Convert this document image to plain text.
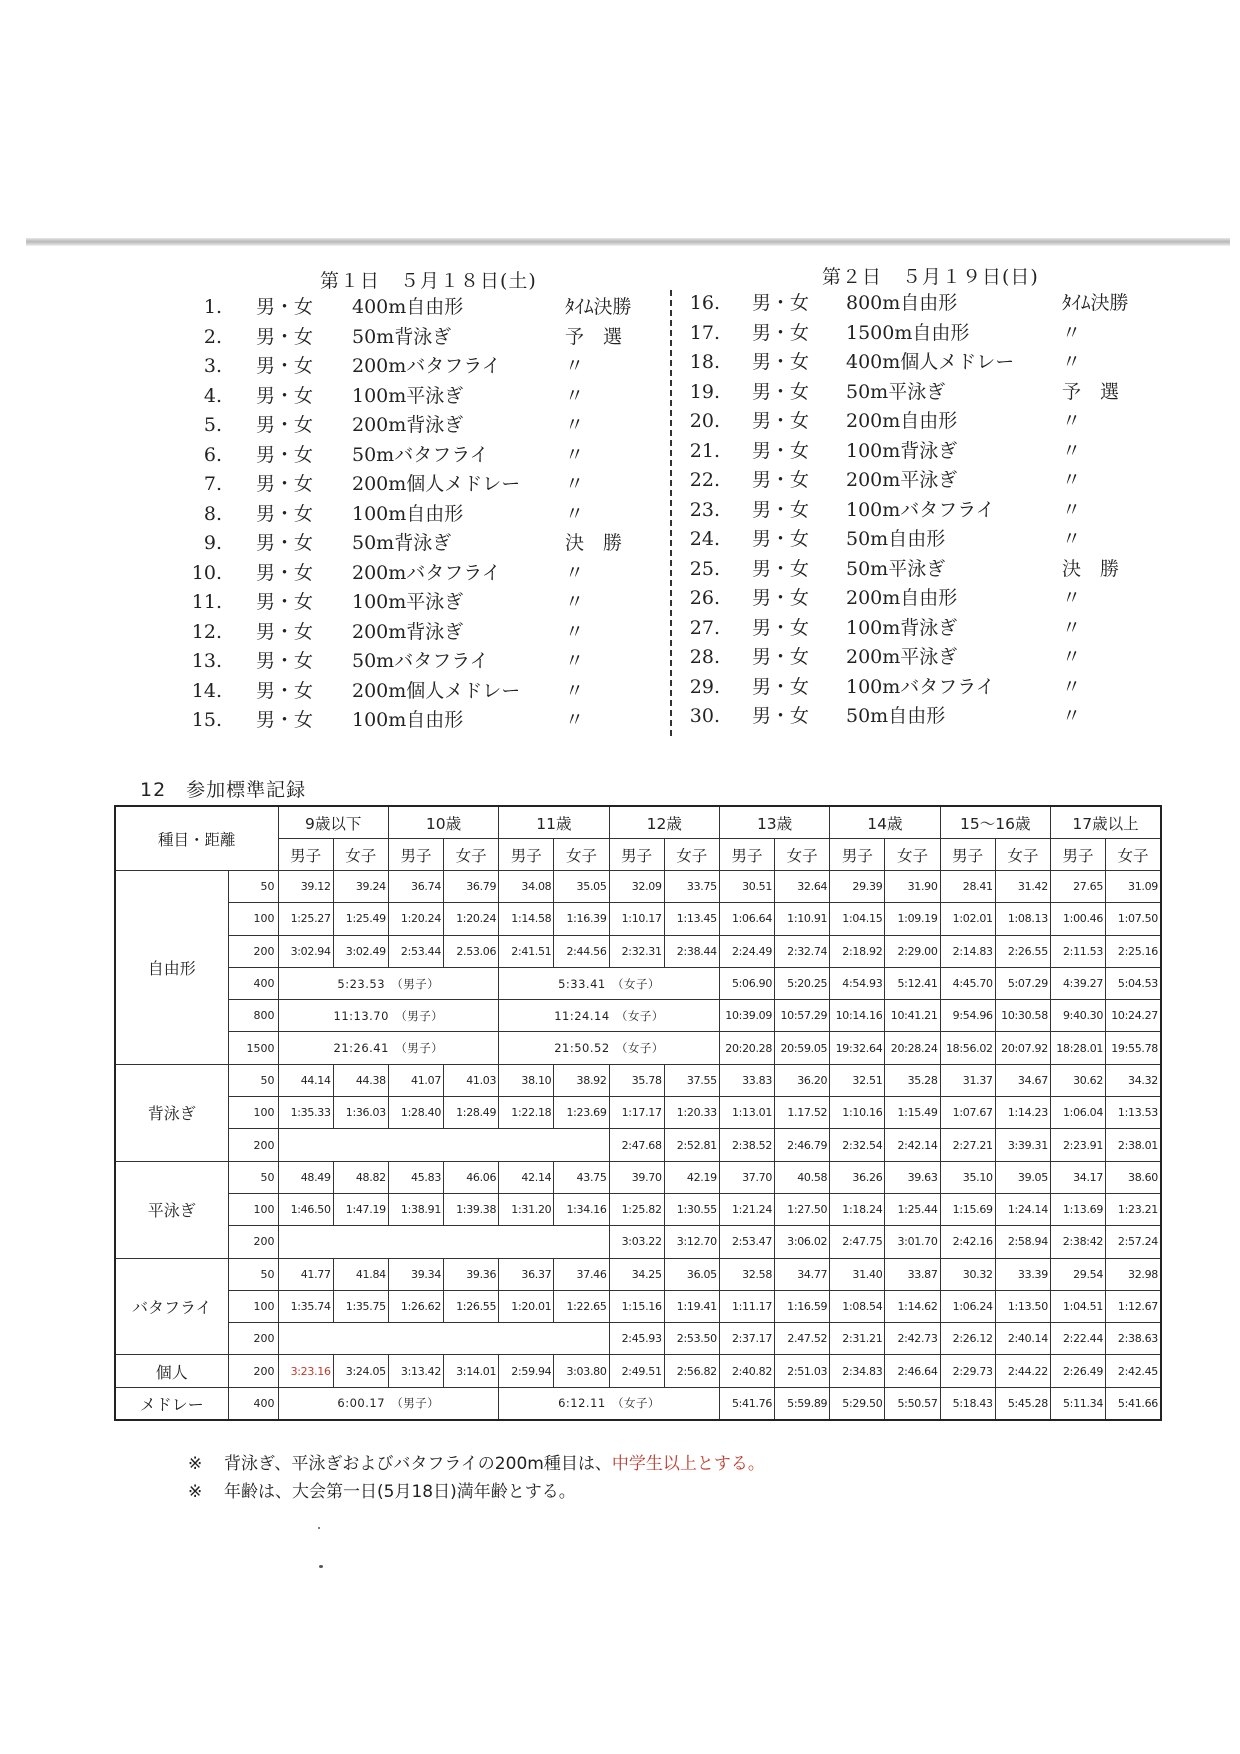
第１日　５月１８日(土)	第２日　５月１９日(日)
1. 男・女 400m自由形	ﾀｲﾑ決勝
2. 男・女 50m背泳ぎ	予　選
3. 男・女 200mバタフライ	〃
4. 男・女 100m平泳ぎ	〃
5. 男・女 200m背泳ぎ	〃
6. 男・女 50mバタフライ	〃
7. 男・女 200m個人メドレー 〃
8. 男・女 100m自由形	〃
9. 男・女 50m背泳ぎ	決　勝
10. 男・女 200mバタフライ	〃
11. 男・女 100m平泳ぎ	〃
12. 男・女 200m背泳ぎ	〃
13. 男・女 50mバタフライ	〃
14. 男・女 200m個人メドレー 〃
15. 男・女 100m自由形	〃
16. 男・女 800m自由形	ﾀｲﾑ決勝
17. 男・女 1500m自由形	〃
18. 男・女 400m個人メドレー	〃
19. 男・女 50m平泳ぎ	予　選
20. 男・女 200m自由形	〃
21. 男・女 100m背泳ぎ	〃
22. 男・女 200m平泳ぎ	〃
23. 男・女 100mバタフライ	〃
24. 男・女 50m自由形	〃
25. 男・女 50m平泳ぎ	決　勝
26. 男・女 200m自由形	〃
27. 男・女 100m背泳ぎ	〃
28. 男・女 200m平泳ぎ	〃
29. 男・女 100mバタフライ	〃
30. 男・女 50m自由形	〃
12　参加標準記録
種目・距離		9歳以下		10歳		11歳		12歳		13歳		14歳		15～16歳		17歳以上	
		男子	女子	男子	女子	男子	女子	男子	女子	男子	女子	男子	女子	男子	女子	男子	女子
自由形	50	39.12	39.24	36.74	36.79	34.08	35.05	32.09	33.75	30.51	32.64	29.39	31.90	28.41	31.42	27.65	31.09
	100	1:25.27	1:25.49	1:20.24	1:20.24	1:14.58	1:16.39	1:10.17	1:13.45	1:06.64	1:10.91	1:04.15	1:09.19	1:02.01	1:08.13	1:00.46	1:07.50
	200	3:02.94	3:02.49	2:53.44	2.53.06	2:41.51	2:44.56	2:32.31	2:38.44	2:24.49	2:32.74	2:18.92	2:29.00	2:14.83	2:26.55	2:11.53	2:25.16
	400	5:23.53　（男子）				5:33.41　（女子）				5:06.90	5:20.25	4:54.93	5:12.41	4:45.70	5:07.29	4:39.27	5:04.53
	800	11:13.70　（男子）				11:24.14　（女子）				10:39.09	10:57.29	10:14.16	10:41.21	9:54.96	10:30.58	9:40.30	10:24.27
	1500	21:26.41　（男子）				21:50.52　（女子）				20:20.28	20:59.05	19:32.64	20:28.24	18:56.02	20:07.92	18:28.01	19:55.78
背泳ぎ	50	44.14	44.38	41.07	41.03	38.10	38.92	35.78	37.55	33.83	36.20	32.51	35.28	31.37	34.67	30.62	34.32
	100	1:35.33	1:36.03	1:28.40	1:28.49	1:22.18	1:23.69	1:17.17	1:20.33	1:13.01	1.17.52	1:10.16	1:15.49	1:07.67	1:14.23	1:06.04	1:13.53
	200							2:47.68	2:52.81	2:38.52	2:46.79	2:32.54	2:42.14	2:27.21	3:39.31	2:23.91	2:38.01
平泳ぎ	50	48.49	48.82	45.83	46.06	42.14	43.75	39.70	42.19	37.70	40.58	36.26	39.63	35.10	39.05	34.17	38.60
	100	1:46.50	1:47.19	1:38.91	1:39.38	1:31.20	1:34.16	1:25.82	1:30.55	1:21.24	1:27.50	1:18.24	1:25.44	1:15.69	1:24.14	1:13.69	1:23.21
	200							3:03.22	3:12.70	2:53.47	3:06.02	2:47.75	3:01.70	2:42.16	2:58.94	2:38:42	2:57.24
バタフライ	50	41.77	41.84	39.34	39.36	36.37	37.46	34.25	36.05	32.58	34.77	31.40	33.87	30.32	33.39	29.54	32.98
	100	1:35.74	1:35.75	1:26.62	1:26.55	1:20.01	1:22.65	1:15.16	1:19.41	1:11.17	1:16.59	1:08.54	1:14.62	1:06.24	1:13.50	1:04.51	1:12.67
	200							2:45.93	2:53.50	2:37.17	2.47.52	2:31.21	2:42.73	2:26.12	2:40.14	2:22.44	2:38.63
個人	200	3:23.16	3:24.05	3:13.42	3:14.01	2:59.94	3:03.80	2:49.51	2:56.82	2:40.82	2:51.03	2:34.83	2:46.64	2:29.73	2:44.22	2:26.49	2:42.45
メドレー	400	6:00.17　（男子）				6:12.11　（女子）				5:41.76	5:59.89	5:29.50	5:50.57	5:18.43	5:45.28	5:11.34	5:41.66
※ 背泳ぎ、平泳ぎおよびバタフライの200m種目は、中学生以上とする。
※ 年齢は、大会第一日(5月18日)満年齢とする。
